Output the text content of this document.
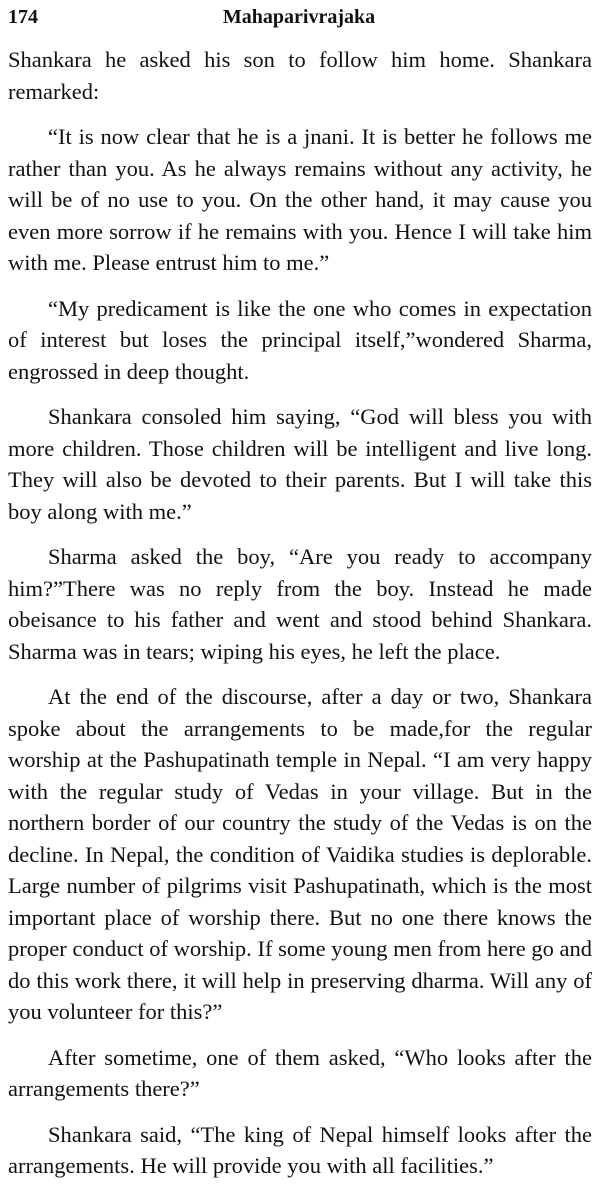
174	Mahaparivrajaka

Shankara he asked his son to follow him home. Shankara remarked:

“It is now clear that he is a jnani. It is better he follows me rather than you. As he always remains without any activity, he will be of no use to you. On the other hand, it may cause you even more sorrow if he remains with you. Hence I will take him with me. Please entrust him to me.”

“My predicament is like the one who comes in expectation of interest but loses the principal itself,”wondered Sharma, engrossed in deep thought.

Shankara consoled him saying, “God will bless you with more children. Those children will be intelligent and live long. They will also be devoted to their parents. But I will take this boy along with me.”

Sharma asked the boy, “Are you ready to accompany him?”There was no reply from the boy. Instead he made obeisance to his father and went and stood behind Shankara. Sharma was in tears; wiping his eyes, he left the place.

At the end of the discourse, after a day or two, Shankara spoke about the arrangements to be made,for the regular worship at the Pashupatinath temple in Nepal. “I am very happy with the regular study of Vedas in your village. But in the northern border of our country the study of the Vedas is on the decline. In Nepal, the condition of Vaidika studies is deplorable. Large number of pilgrims visit Pashupatinath, which is the most important place of worship there. But no one there knows the proper conduct of worship. If some young men from here go and do this work there, it will help in preserving dharma. Will any of you volunteer for this?”

After sometime, one of them asked, “Who looks after the arrangements there?”

Shankara said, “The king of Nepal himself looks after the arrangements. He will provide you with all facilities.”
